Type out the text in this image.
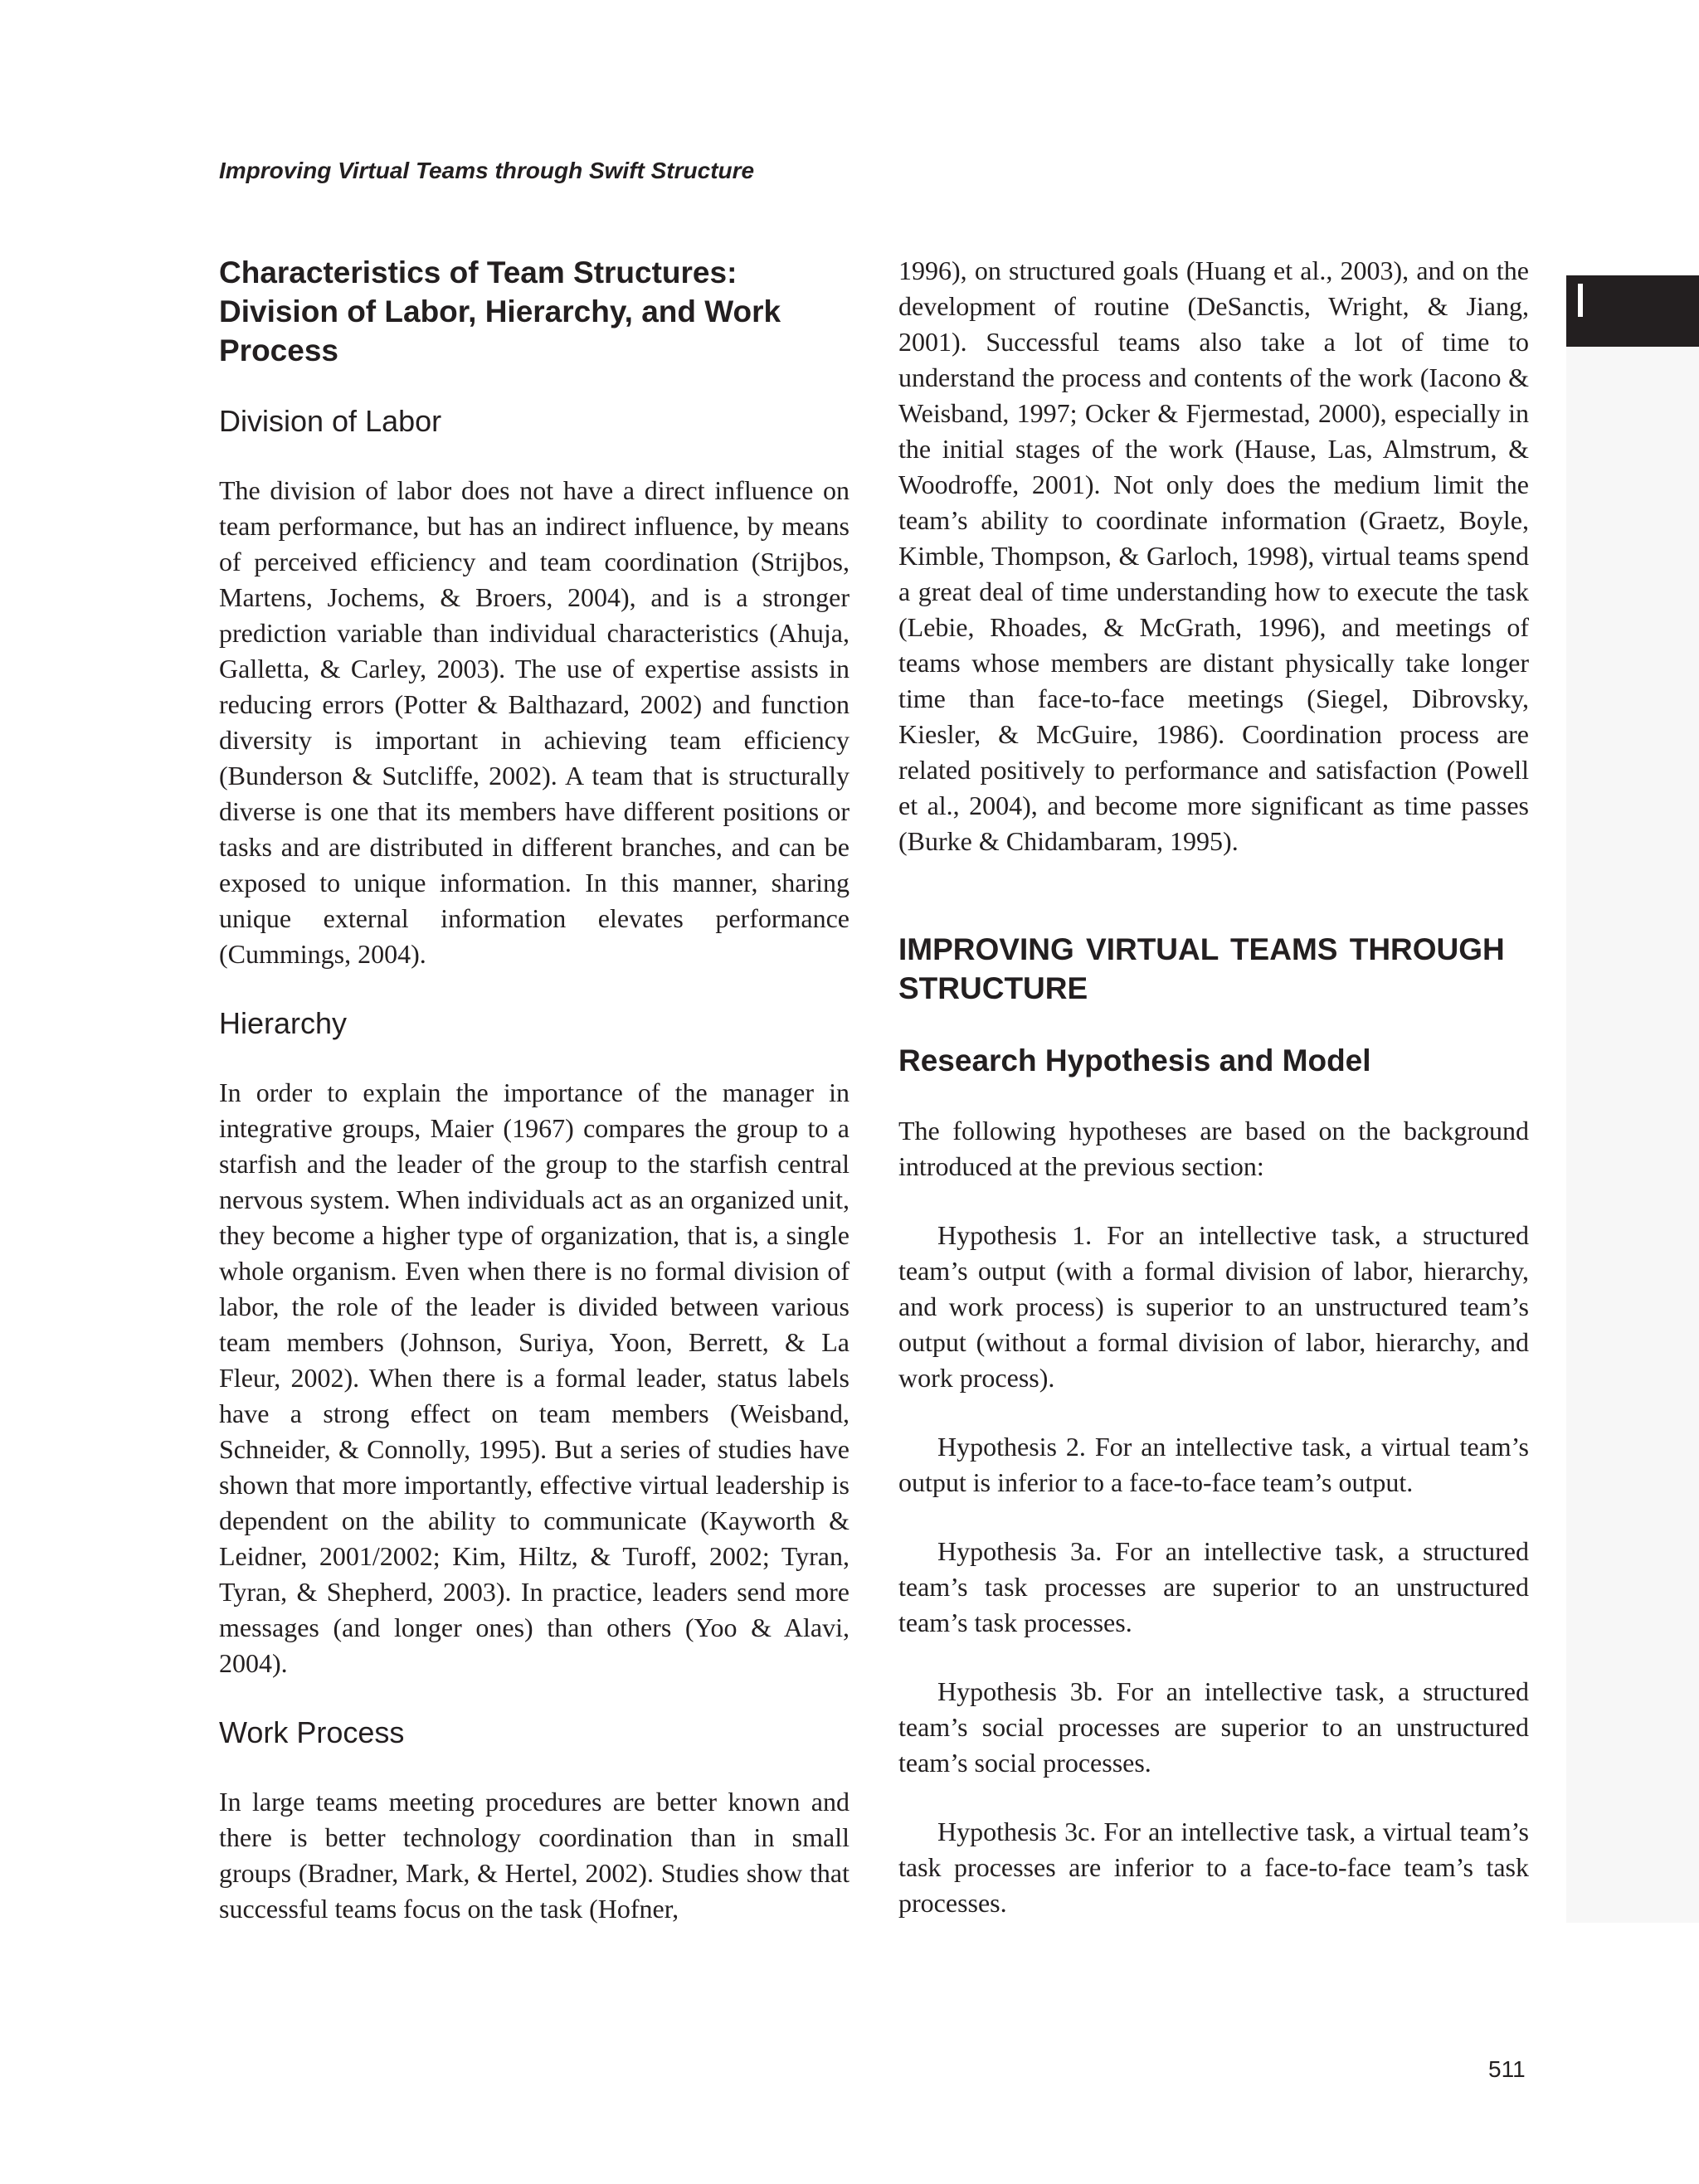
Improving Virtual Teams through Swift Structure
Characteristics of Team Structures: Division of Labor, Hierarchy, and Work Process
Division of Labor

The division of labor does not have a direct influence on team performance, but has an indirect influence, by means of perceived efficiency and team coordination (Strijbos, Martens, Jochems, & Broers, 2004), and is a stronger prediction variable than individual characteristics (Ahuja, Galletta, & Carley, 2003). The use of expertise assists in reducing errors (Potter & Balthazard, 2002) and function diversity is important in achieving team efficiency (Bunderson & Sutcliffe, 2002). A team that is structurally diverse is one that its members have different positions or tasks and are distributed in different branches, and can be exposed to unique information. In this manner, sharing unique external information elevates performance (Cummings, 2004).

Hierarchy

In order to explain the importance of the manager in integrative groups, Maier (1967) compares the group to a starfish and the leader of the group to the starfish central nervous system. When individuals act as an organized unit, they become a higher type of organization, that is, a single whole organism. Even when there is no formal division of labor, the role of the leader is divided between various team members (Johnson, Suriya, Yoon, Berrett, & La Fleur, 2002). When there is a formal leader, status labels have a strong effect on team members (Weisband, Schneider, & Connolly, 1995). But a series of studies have shown that more importantly, effective virtual leadership is dependent on the ability to communicate (Kayworth & Leidner, 2001/2002; Kim, Hiltz, & Turoff, 2002; Tyran, Tyran, & Shepherd, 2003). In practice, leaders send more messages (and longer ones) than others (Yoo & Alavi, 2004).

Work Process

In large teams meeting procedures are better known and there is better technology coordination than in small groups (Bradner, Mark, & Hertel, 2002). Studies show that successful teams focus on the task (Hofner,

1996), on structured goals (Huang et al., 2003), and on the development of routine (DeSanctis, Wright, & Jiang, 2001). Successful teams also take a lot of time to understand the process and contents of the work (Iacono & Weisband, 1997; Ocker & Fjermestad, 2000), especially in the initial stages of the work (Hause, Las, Almstrum, & Woodroffe, 2001). Not only does the medium limit the team’s ability to coordinate information (Graetz, Boyle, Kimble, Thompson, & Garloch, 1998), virtual teams spend a great deal of time understanding how to execute the task (Lebie, Rhoades, & McGrath, 1996), and meetings of teams whose members are distant physically take longer time than face-to-face meetings (Siegel, Dibrovsky, Kiesler, & McGuire, 1986). Coordination process are related positively to performance and satisfaction (Powell et al., 2004), and become more significant as time passes (Burke & Chidambaram, 1995).

IMPROVING VIRTUAL TEAMS THROUGH STRUCTURE
Research Hypothesis and Model

The following hypotheses are based on the background introduced at the previous section:

Hypothesis 1. For an intellective task, a structured team’s output (with a formal division of labor, hierarchy, and work process) is superior to an unstructured team’s output (without a formal division of labor, hierarchy, and work process).

Hypothesis 2. For an intellective task, a virtual team’s output is inferior to a face-to-face team’s output.

Hypothesis 3a. For an intellective task, a structured team’s task processes are superior to an unstructured team’s task processes.

Hypothesis 3b. For an intellective task, a structured team’s social processes are superior to an unstructured team’s social processes.

Hypothesis 3c. For an intellective task, a virtual team’s task processes are inferior to a face-to-face team’s task processes.

511
